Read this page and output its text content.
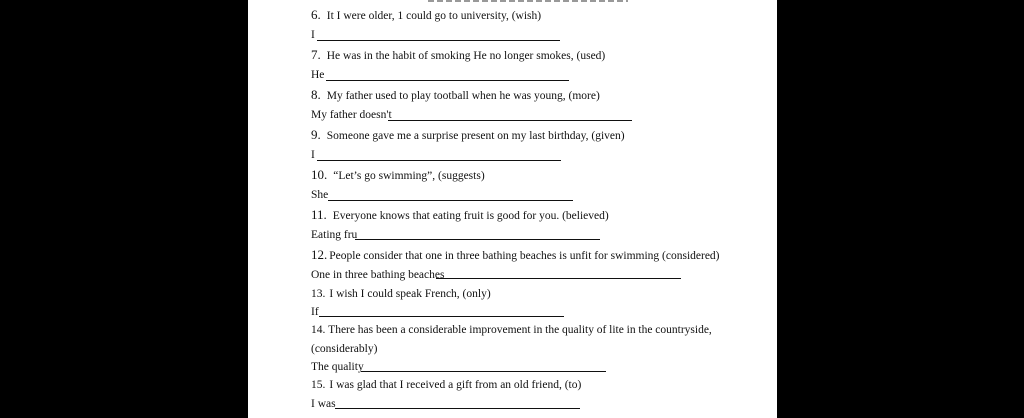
6. It I were older, 1 could go to university, (wish)
I
7. He was in the habit of smoking He no longer smokes, (used)
He
8. My father used to play tootball when he was young, (more)
My father doesn't
9. Someone gave me a surprise present on my last birthday, (given)
I
10. “Let’s go swimming”, (suggests)
She
11. Everyone knows that eating fruit is good for you. (believed)
Eating fru
12. People consider that one in three bathing beaches is unfit for swimming (considered)
One in three bathing beaches
13. I wish I could speak French, (only)
If
14. There has been a considerable improvement in the quality of lite in the countryside,
(considerably)
The quality
15. I was glad that I received a gift from an old friend, (to)
I was
